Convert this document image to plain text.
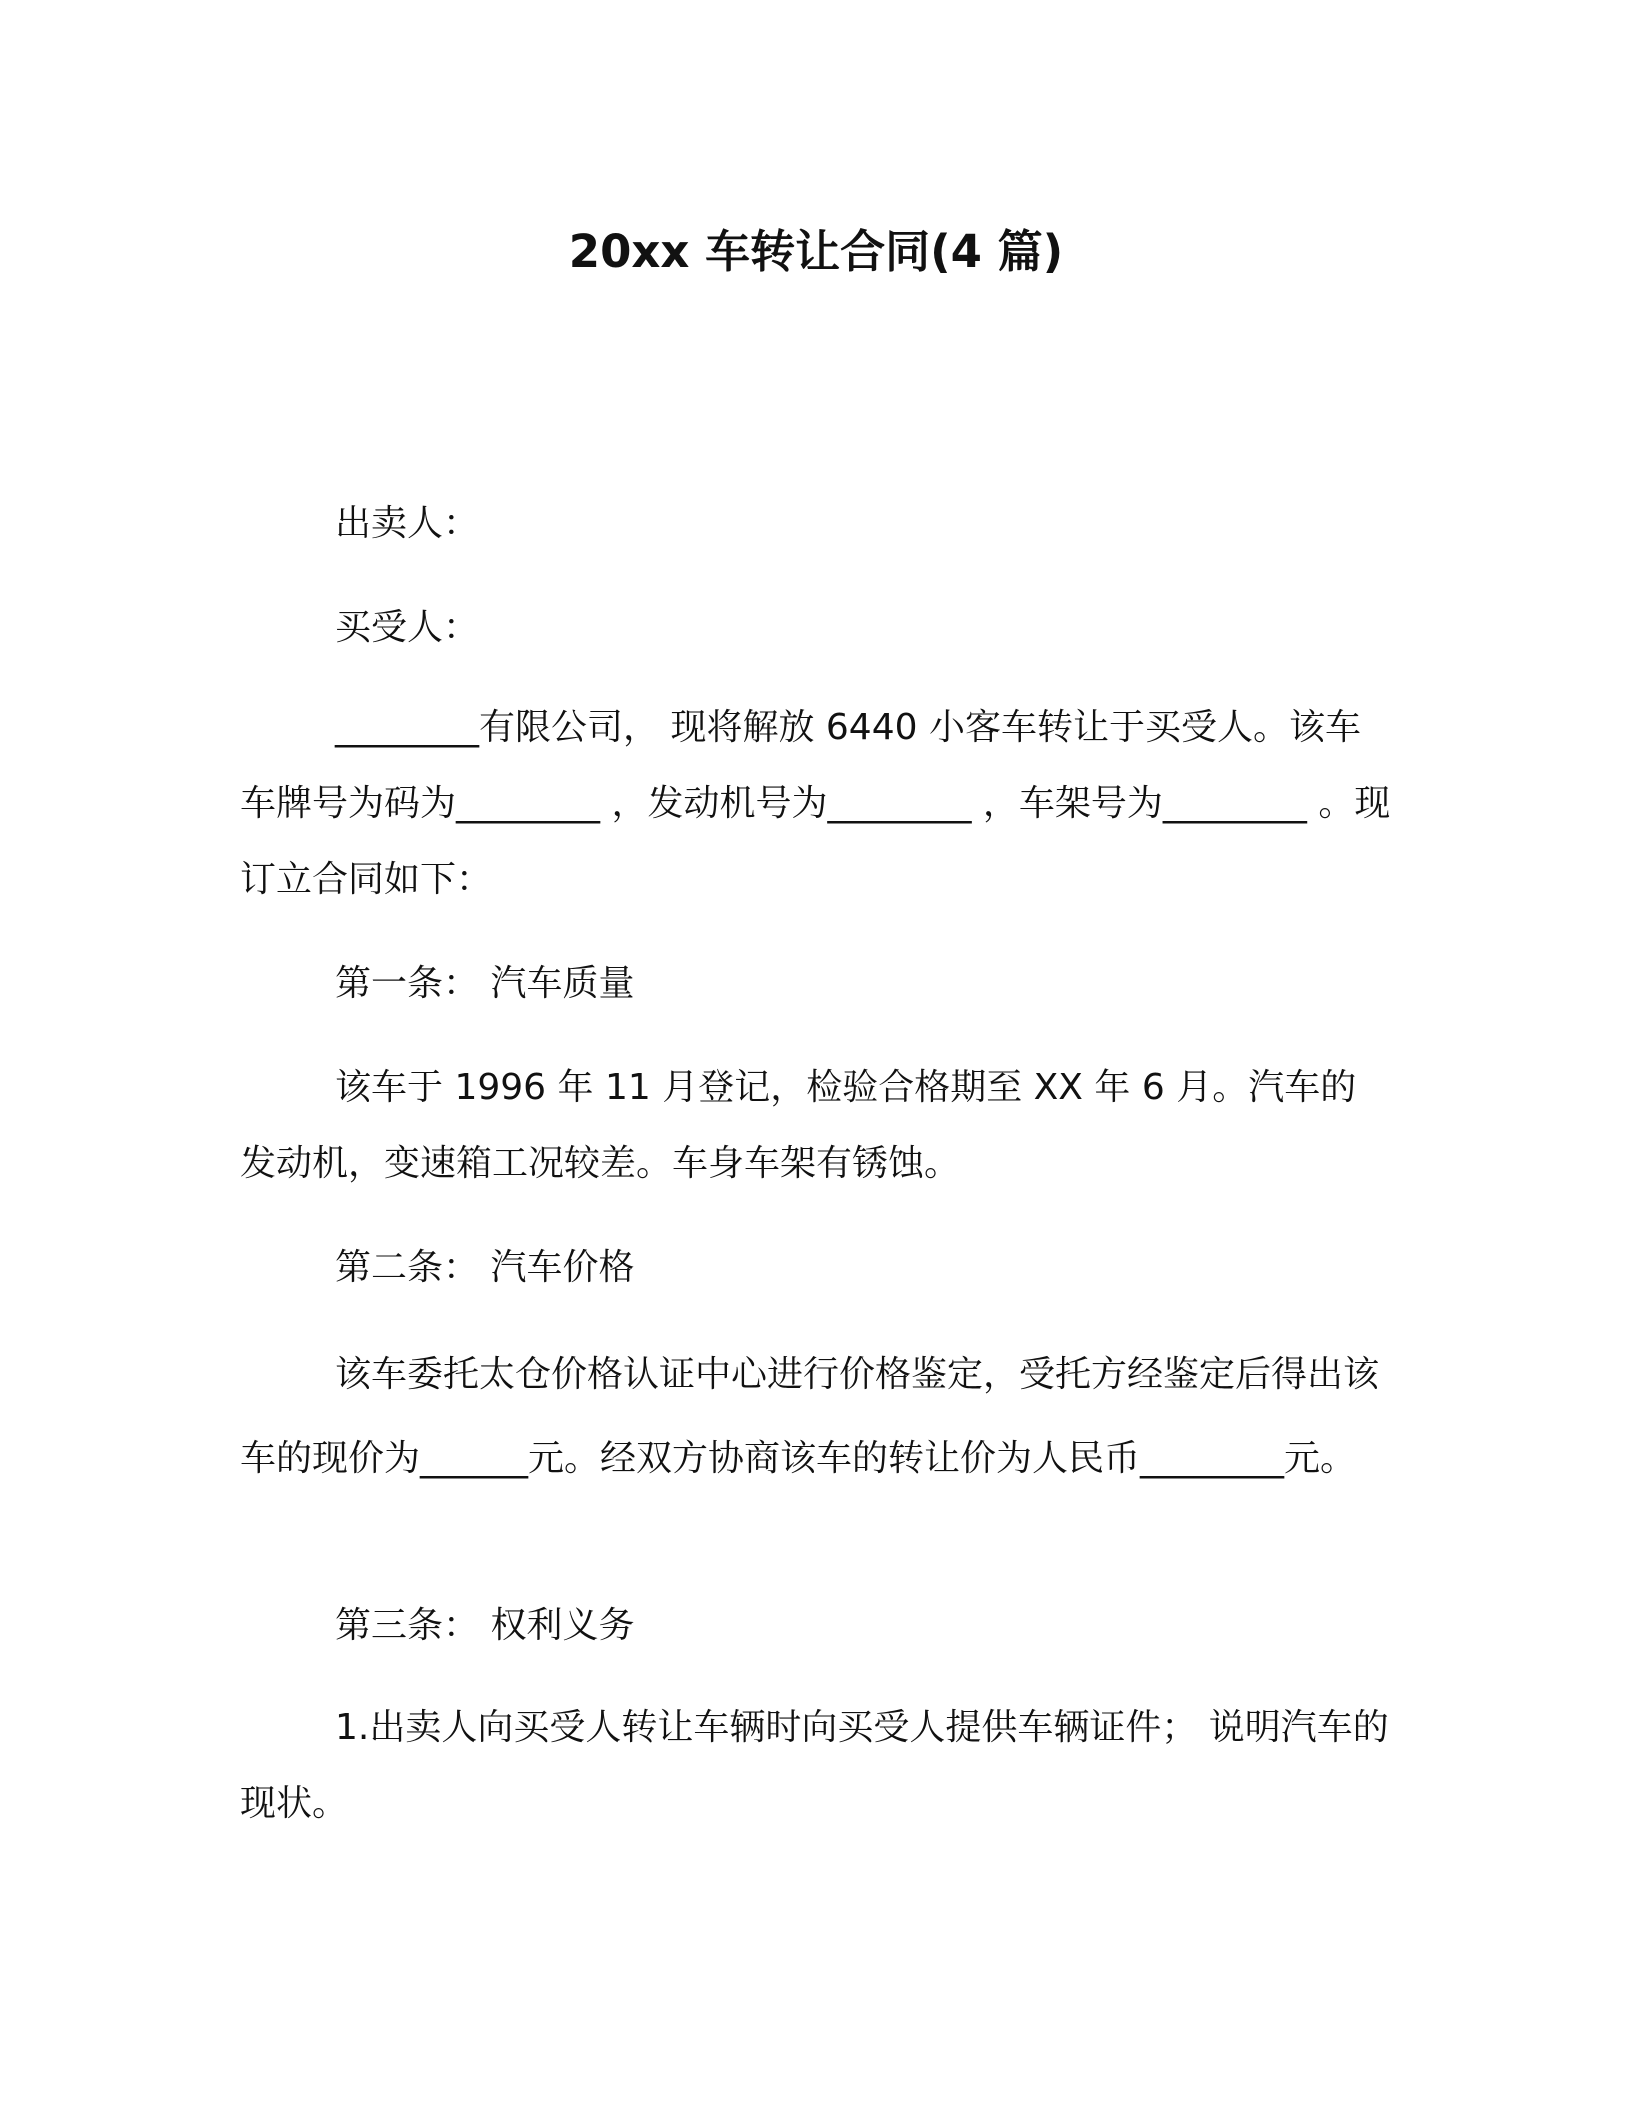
20xx 车转让合同(4 篇)

出卖人：

买受人：

________有限公司， 现将解放 6440 小客车转让于买受人。该车车牌号为码为________ ，发动机号为________ ，车架号为________ 。现订立合同如下：

第一条： 汽车质量

该车于 1996 年 11 月登记，检验合格期至 XX 年 6 月。汽车的发动机，变速箱工况较差。车身车架有锈蚀。

第二条： 汽车价格

该车委托太仓价格认证中心进行价格鉴定，受托方经鉴定后得出该车的现价为______元。经双方协商该车的转让价为人民币________元。

第三条： 权利义务

1.出卖人向买受人转让车辆时向买受人提供车辆证件； 说明汽车的现状。
